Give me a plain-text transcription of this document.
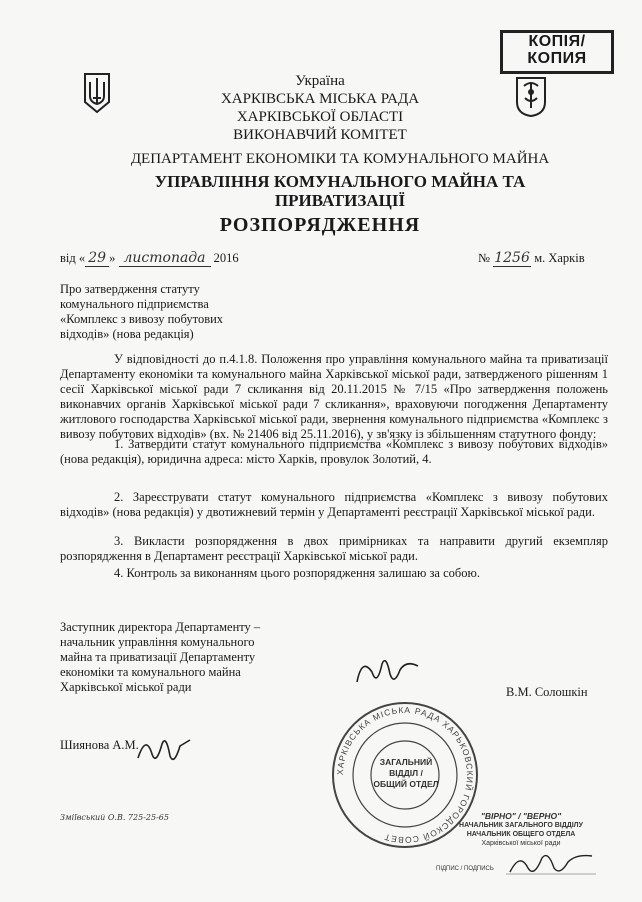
КОПІЯ/
КОПИЯ
Україна
ХАРКІВСЬКА МІСЬКА РАДА
ХАРКІВСЬКОЇ ОБЛАСТІ
ВИКОНАВЧИЙ КОМІТЕТ
ДЕПАРТАМЕНТ ЕКОНОМІКИ ТА КОМУНАЛЬНОГО МАЙНА
УПРАВЛІННЯ КОМУНАЛЬНОГО МАЙНА ТА
ПРИВАТИЗАЦІЇ
РОЗПОРЯДЖЕННЯ
від « 29 » листопада 2016	№ 1256 м. Харків
Про затвердження статуту
комунального підприємства
«Комплекс з вивозу побутових
відходів» (нова редакція)
У відповідності до п.4.1.8. Положення про управління комунального майна та приватизації Департаменту економіки та комунального майна Харківської міської ради, затвердженого рішенням 1 сесії Харківської міської ради 7 скликання від 20.11.2015 № 7/15 «Про затвердження положень виконавчих органів Харківської міської ради 7 скликання», враховуючи погодження Департаменту житлового господарства Харківської міської ради, звернення комунального підприємства «Комплекс з вивозу побутових відходів» (вх. № 21406 від 25.11.2016), у зв'язку із збільшенням статутного фонду:
1. Затвердити статут комунального підприємства «Комплекс з вивозу побутових відходів» (нова редакція), юридична адреса: місто Харків, провулок Золотий, 4.
2. Зареєструвати статут комунального підприємства «Комплекс з вивозу побутових відходів» (нова редакція) у двотижневий термін у Департаменті реєстрації Харківської міської ради.
3. Викласти розпорядження в двох примірниках та направити другий екземпляр розпорядження в Департамент реєстрації Харківської міської ради.
4. Контроль за виконанням цього розпорядження залишаю за собою.
Заступник директора Департаменту –
начальник управління комунального
майна та приватизації Департаменту
економіки та комунального майна
Харківської міської ради	В.М. Солошкін
Шиянова А.М.
Зміївський О.В. 725-25-65
ХАРКІВСЬКА МІСЬКА РАДА ХАРЬКОВСКИЙ ГОРОДСКОЙ СОВЕТ
ЗАГАЛЬНИЙ
ВІДДІЛ /
ОБЩИЙ ОТДЕЛ
"ВІРНО" / "ВЕРНО"
НАЧАЛЬНИК ЗАГАЛЬНОГО ВІДДІЛУ
НАЧАЛЬНИК ОБЩЕГО ОТДЕЛА
Харківської міської ради
ПІДПИС / ПОДПИСЬ
